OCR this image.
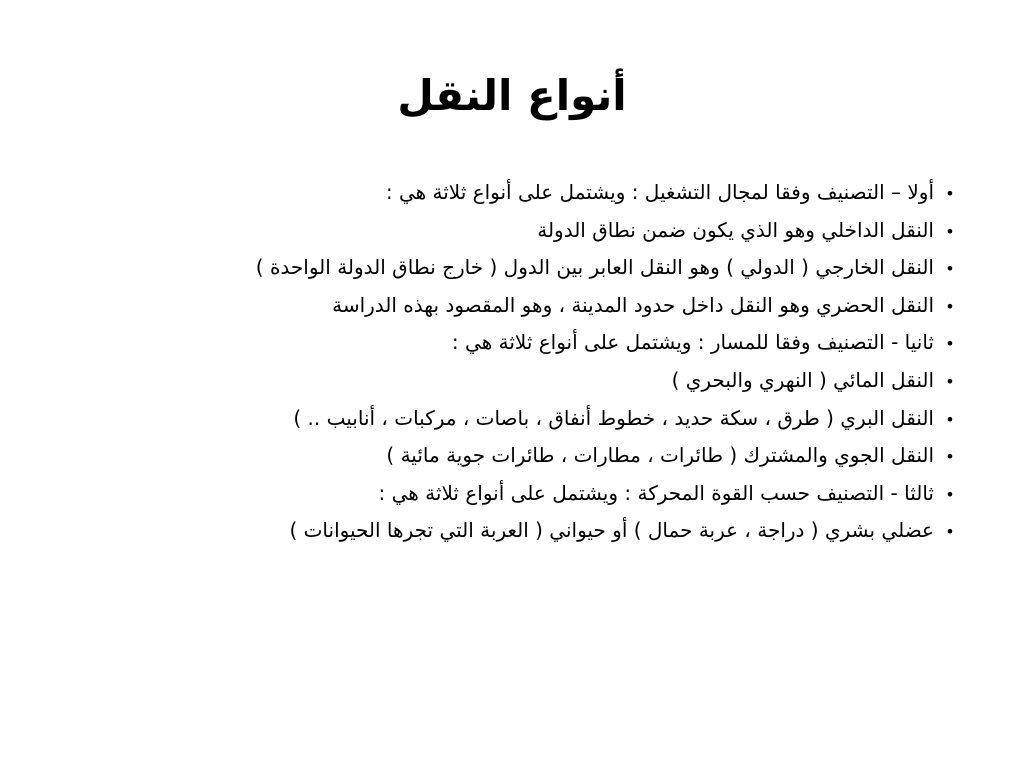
أنواع النقل
•
أولا – التصنيف وفقا لمجال التشغيل : ويشتمل على أنواع ثلاثة هي :
•
النقل الداخلي وهو الذي يكون ضمن نطاق الدولة
•
النقل الخارجي ( الدولي ) وهو النقل العابر بين الدول ( خارج نطاق الدولة الواحدة )
•
النقل الحضري وهو النقل داخل حدود المدينة ، وهو المقصود بهذه الدراسة
•
ثانيا - التصنيف وفقا للمسار : ويشتمل على أنواع ثلاثة هي :
•
النقل المائي ( النهري والبحري )
•
النقل البري ( طرق ، سكة حديد ، خطوط أنفاق ، باصات ، مركبات ، أنابيب .. )
•
النقل الجوي والمشترك ( طائرات ، مطارات ، طائرات جوية مائية )
•
ثالثا - التصنيف حسب القوة المحركة : ويشتمل على أنواع ثلاثة هي :
•
عضلي بشري ( دراجة ، عربة حمال ) أو حيواني ( العربة التي تجرها الحيوانات )
